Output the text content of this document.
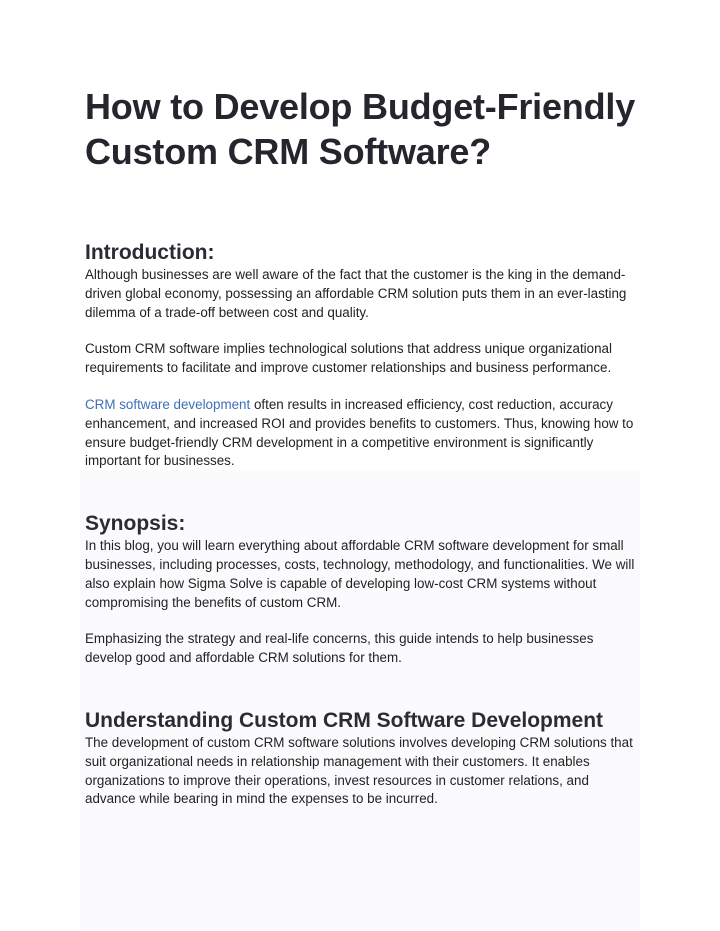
How to Develop Budget-Friendly Custom CRM Software?
Introduction:

Although businesses are well aware of the fact that the customer is the king in the demand-driven global economy, possessing an affordable CRM solution puts them in an ever-lasting dilemma of a trade-off between cost and quality.

Custom CRM software implies technological solutions that address unique organizational requirements to facilitate and improve customer relationships and business performance.

CRM software development often results in increased efficiency, cost reduction, accuracy enhancement, and increased ROI and provides benefits to customers. Thus, knowing how to ensure budget-friendly CRM development in a competitive environment is significantly important for businesses.

Synopsis:

In this blog, you will learn everything about affordable CRM software development for small businesses, including processes, costs, technology, methodology, and functionalities. We will also explain how Sigma Solve is capable of developing low-cost CRM systems without compromising the benefits of custom CRM.

Emphasizing the strategy and real-life concerns, this guide intends to help businesses develop good and affordable CRM solutions for them.

Understanding Custom CRM Software Development

The development of custom CRM software solutions involves developing CRM solutions that suit organizational needs in relationship management with their customers. It enables organizations to improve their operations, invest resources in customer relations, and advance while bearing in mind the expenses to be incurred.
